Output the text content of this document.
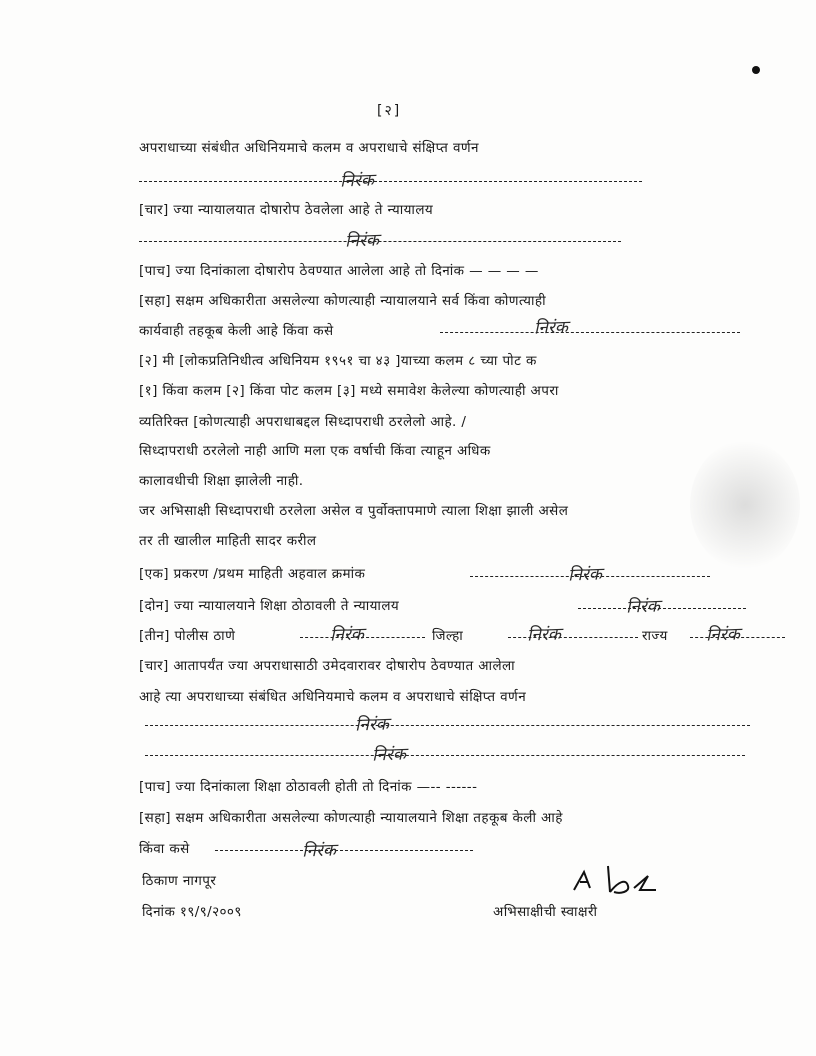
[२]
अपराधाच्या संबंधीत अधिनियमाचे कलम व अपराधाचे संक्षिप्त वर्णन
निरंक
[चार] ज्या न्यायालयात दोषारोप ठेवलेला आहे ते न्यायालय
निरंक
[पाच] ज्या दिनांकाला दोषारोप ठेवण्यात आलेला आहे तो दिनांक — — — —
[सहा] सक्षम अधिकारीता असलेल्या कोणत्याही न्यायालयाने सर्व किंवा कोणत्याही
कार्यवाही तहकूब केली आहे किंवा कसे	निरंक
[२] मी [लोकप्रतिनिधीत्व अधिनियम १९५१ चा ४३ ]याच्या कलम ८ च्या पोट क
[१] किंवा कलम [२] किंवा पोट कलम [३] मध्ये समावेश केलेल्या कोणत्याही अपरा
व्यतिरिक्त [कोणत्याही अपराधाबद्दल सिध्दापराधी ठरलेलो आहे. /
सिध्दापराधी ठरलेलो नाही आणि मला एक वर्षाची किंवा त्याहून अधिक
कालावधीची शिक्षा झालेली नाही.
जर अभिसाक्षी सिध्दापराधी ठरलेला असेल व पुर्वोक्तापमाणे त्याला शिक्षा झाली असेल
तर ती खालील माहिती सादर करील
[एक] प्रकरण /प्रथम माहिती अहवाल क्रमांक	निरंक
[दोन] ज्या न्यायालयाने शिक्षा ठोठावली ते न्यायालय	निरंक
[तीन] पोलीस ठाणे	निरंक	जिल्हा	निरंक	राज्य निरंक
[चार] आतापर्यंत ज्या अपराधासाठी उमेदवारावर दोषारोप ठेवण्यात आलेला
आहे त्या अपराधाच्या संबंधित अधिनियमाचे कलम व अपराधाचे संक्षिप्त वर्णन
निरंक
निरंक
[पाच] ज्या दिनांकाला शिक्षा ठोठावली होती तो दिनांक —-- ------
[सहा] सक्षम अधिकारीता असलेल्या कोणत्याही न्यायालयाने शिक्षा तहकूब केली आहे
किंवा कसे	निरंक
ठिकाण नागपूर
दिनांक १९/९/२००९	अभिसाक्षीची स्वाक्षरी
